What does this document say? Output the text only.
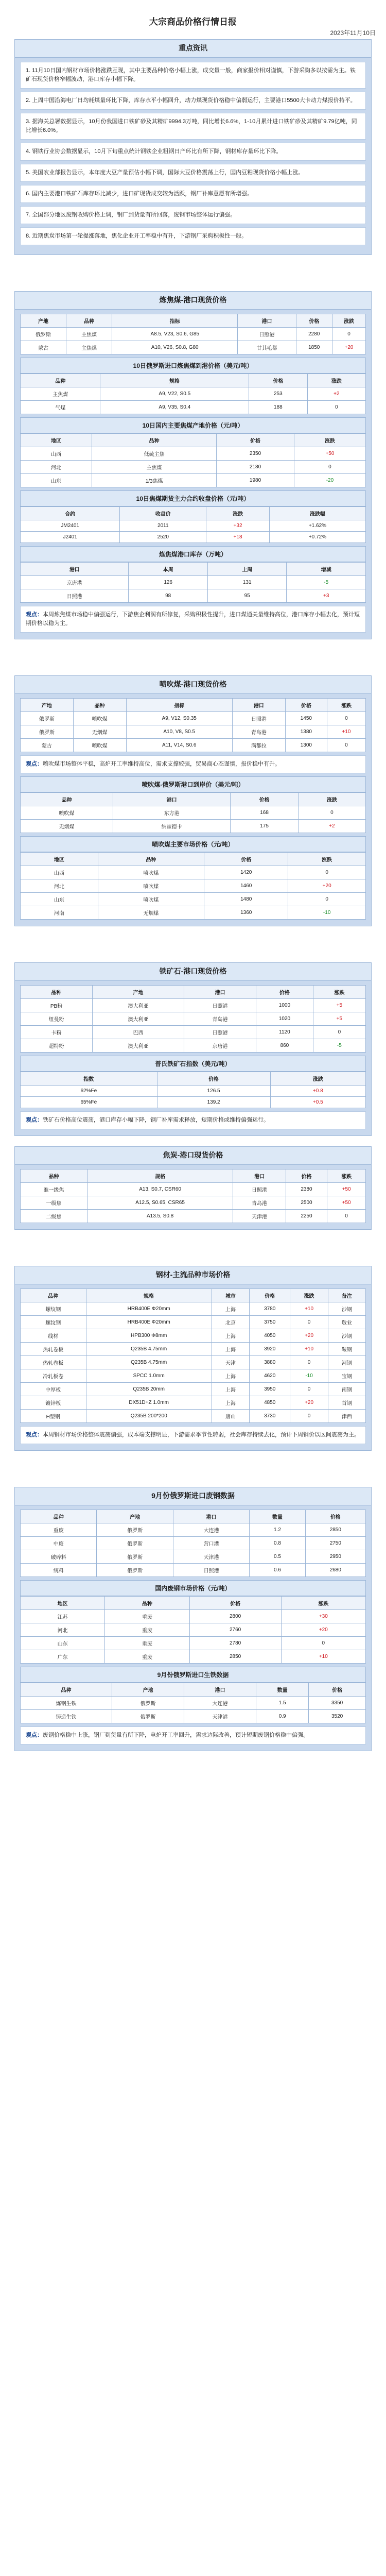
大宗商品价格行情日报
2023年11月10日
重点资讯

1. 11月10日国内钢材市场价格涨跌互现，其中主要品种价格小幅上涨，成交量一般，商家报价相对谨慎，下游采购多以按需为主。铁矿石现货价格窄幅波动，港口库存小幅下降。

2. 上周中国沿海电厂日均耗煤量环比下降，库存水平小幅回升，动力煤现货价格稳中偏弱运行，主要港口5500大卡动力煤报价持平。

3. 据海关总署数据显示，10月份我国进口铁矿砂及其精矿9994.3万吨，同比增长6.6%，1-10月累计进口铁矿砂及其精矿9.79亿吨，同比增长6.0%。

4. 钢铁行业协会数据显示，10月下旬重点统计钢铁企业粗钢日产环比有所下降，钢材库存量环比下降。

5. 美国农业部报告显示，本年度大豆产量预估小幅下调，国际大豆价格震荡上行，国内豆粕现货价格小幅上涨。

6. 国内主要港口铁矿石库存环比减少，进口矿现货成交较为活跃，钢厂补库意愿有所增强。

7. 全国部分地区废钢收购价格上调，钢厂到货量有所回落，废钢市场整体运行偏强。

8. 近期焦炭市场第一轮提涨落地，焦化企业开工率稳中有升，下游钢厂采购积极性一般。

炼焦煤-港口现货价格
产地	品种	指标	港口	价格	涨跌
俄罗斯	主焦煤	A8.5, V23, S0.6, G85	日照港	2280	0
蒙古	主焦煤	A10, V26, S0.8, G80	甘其毛都	1850	+20
10日俄罗斯进口炼焦煤到港价格（美元/吨）
品种	规格	价格	涨跌
主焦煤	A9, V22, S0.5	253	+2
气煤	A9, V35, S0.4	188	0
10日国内主要焦煤产地价格（元/吨）
地区	品种	价格	涨跌
山西	低硫主焦	2350	+50
河北	主焦煤	2180	0
山东	1/3焦煤	1980	-20
10日焦煤期货主力合约收盘价格（元/吨）
合约	收盘价	涨跌	涨跌幅
JM2401	2011	+32	+1.62%
J2401	2520	+18	+0.72%
炼焦煤港口库存（万吨）
港口	本周	上周	增减
京唐港	126	131	-5
日照港	98	95	+3
观点：本周炼焦煤市场稳中偏强运行，下游焦企利润有所修复，采购积极性提升，进口煤通关量维持高位，港口库存小幅去化，预计短期价格以稳为主。
喷吹煤-港口现货价格
产地	品种	指标	港口	价格	涨跌
俄罗斯	喷吹煤	A9, V12, S0.35	日照港	1450	0
俄罗斯	无烟煤	A10, V8, S0.5	青岛港	1380	+10
蒙古	喷吹煤	A11, V14, S0.6	满都拉	1300	0
观点：喷吹煤市场整体平稳，高炉开工率维持高位，需求支撑较强，贸易商心态谨慎，报价稳中有升。
喷吹煤-俄罗斯港口到岸价（美元/吨）
品种	港口	价格	涨跌
喷吹煤	东方港	168	0
无烟煤	纳霍德卡	175	+2
喷吹煤主要市场价格（元/吨）
地区	品种	价格	涨跌
山西	喷吹煤	1420	0
河北	喷吹煤	1460	+20
山东	喷吹煤	1480	0
河南	无烟煤	1360	-10
铁矿石-港口现货价格
品种	产地	港口	价格	涨跌
PB粉	澳大利亚	日照港	1000	+5
纽曼粉	澳大利亚	青岛港	1020	+5
卡粉	巴西	日照港	1120	0
超特粉	澳大利亚	京唐港	860	-5
普氏铁矿石指数（美元/吨）
指数	价格	涨跌
62%Fe	126.5	+0.8
65%Fe	139.2	+0.5
观点：铁矿石价格高位震荡，港口库存小幅下降，钢厂补库需求释放，短期价格或维持偏强运行。
焦炭-港口现货价格
品种	规格	港口	价格	涨跌
准一级焦	A13, S0.7, CSR60	日照港	2380	+50
一级焦	A12.5, S0.65, CSR65	青岛港	2500	+50
二级焦	A13.5, S0.8	天津港	2250	0
钢材-主流品种市场价格
品种	规格	城市	价格	涨跌	备注
螺纹钢	HRB400E Φ20mm	上海	3780	+10	沙钢
螺纹钢	HRB400E Φ20mm	北京	3750	0	敬业
线材	HPB300 Φ8mm	上海	4050	+20	沙钢
热轧卷板	Q235B 4.75mm	上海	3920	+10	鞍钢
热轧卷板	Q235B 4.75mm	天津	3880	0	河钢
冷轧板卷	SPCC 1.0mm	上海	4620	-10	宝钢
中厚板	Q235B 20mm	上海	3950	0	南钢
镀锌板	DX51D+Z 1.0mm	上海	4850	+20	首钢
H型钢	Q235B 200*200	唐山	3730	0	津西
观点：本周钢材市场价格整体震荡偏强，成本端支撑明显，下游需求季节性转弱，社会库存持续去化，预计下周钢价以区间震荡为主。
9月份俄罗斯进口废钢数据
品种	产地	港口	数量	价格
重废	俄罗斯	大连港	1.2	2850
中废	俄罗斯	营口港	0.8	2750
破碎料	俄罗斯	天津港	0.5	2950
统料	俄罗斯	日照港	0.6	2680
国内废钢市场价格（元/吨）
地区	品种	价格	涨跌
江苏	重废	2800	+30
河北	重废	2760	+20
山东	重废	2780	0
广东	重废	2850	+10
9月份俄罗斯进口生铁数据
品种	产地	港口	数量	价格
炼钢生铁	俄罗斯	大连港	1.5	3350
铸造生铁	俄罗斯	天津港	0.9	3520
观点：废钢价格稳中上涨，钢厂到货量有所下降，电炉开工率回升，需求边际改善，预计短期废钢价格稳中偏强。
